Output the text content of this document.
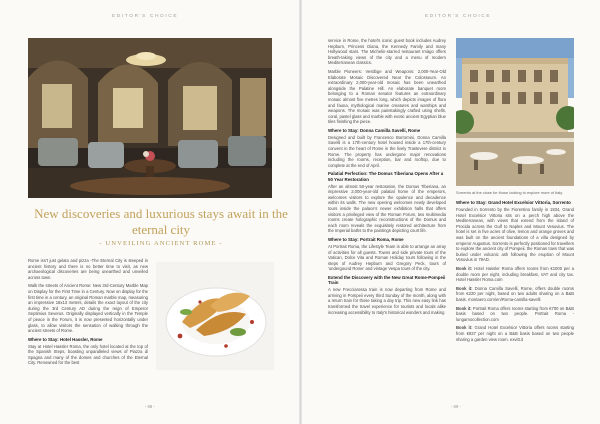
EDITOR'S CHOICE
New discoveries and luxurious stays await in the eternal city
- UNVEILING ANCIENT ROME -

Rome isn't just gelato and pizza -The Eternal City is steeped in ancient history and there is no better time to visit, as new archaeological discoveries are being unearthed and unveiled across town.

Walk the streets of Ancient Rome: New 3rd-Century Marble Map on Display for the First Time in a Century. Now on display for the first time in a century, an original Roman marble map, measuring an impressive 18x13 meters, details the exact layout of the city during the 3rd Century AD during the reign of Emperor Septimius Severus. Originally displayed vertically in the Temple of peace in the Forum, it is now presented horizontally under glass, to allow visitors the sensation of walking through the ancient streets of Rome.

Where to Stay: Hotel Hassler, Rome

Stay at Hotel Hassler Roma, the only hotel located at the top of the Spanish Steps, boasting unparalleled views of Piazza di Spagna and many of the domes and churches of the Eternal City. Renowned for the best

- 88 -
EDITOR'S CHOICE

service in Rome, the hotel's iconic guest book includes Audrey Hepburn, Princess Diana, the Kennedy Family and many Hollywood stars. The Michelin-starred restaurant Imàgo offers breath-taking views of the city and a menu of modern Mediterranean classics.

Marble Pioneers: Vestibge and Weapons: 2,000-Year-Old Elaborate Mosaic Discovered Near the Colosseum. An extraordinary 2,000-year-old mosaic has been unearthed alongside the Palatine Hill. An elaborate banquet room belonging to a Roman senator features an extraordinary mosaic almost five metres long, which depicts images of flora and fauna, mythological marine creatures and warships and weapons. The mosaic was painstakingly crafted using shells, coral, pastel glass and marble with exotic ancient Egyptian blue tiles finishing the piece.

Where to Stay: Donna Camilla Savelli, Rome

Designed and built by Francesco Borromini, Donna Camilla Savelli is a 17th-century hotel housed inside a 17th-century convent in the heart of Rome in the lively Trastevere district in Rome. The property has undergone major renovations including the rooms, reception, bar and rooftop, due to complete at the end of April.

Palatial Perfection: The Domus Tiberiana Opens After a 50 Year Restoration

After an almost 50-year restoration, the Domus Tiberiana, an impressive 2,000-year-old palatial home of the emperors, welcomes visitors to explore the opulence and decadence within its walls. The new opening welcomes newly developed tours inside the palace's newer exhibition halls that offers visitors a privileged view of the Roman Forum, two multimedia rooms create holographic reconstructions of the Domus and each room reveals the exquisitely restored architecture from the Imperial baths to the paintings depicting court life.

Where to Stay: Portrait Roma, Rome

At Portrait Roma, the Lifestyle Team is able to arrange an array of activities for all guests. Towns and side private tours of the Vatican, Dolce Vita and Roman Holiday tours following in the steps of Audrey Hepburn and Gregory Peck, tours of 'undergound Rome' and vintage Vespa tours of the city.

Extend the Discovery with the New Great Rome-Pompeii Train

A new Frecciarossa train is now departing from Rome and arriving in Pompeii every third Sunday of the month, along with a return train for those taking a day trip. This new easy link has transformed the travel experience for tourists and locals alike increasing accessibility to Italy's historical wonders and making

Sorrento at the close for those looking to explore more of Italy.
Where to Stay: Grand Hotel Excelsior Vittoria, Sorrento

Founded in Sorrento by the Fiorentino family in 1834, Grand Hotel Excelsior Vittoria sits on a perch high above the Mediterranean, with views that extend from the island of Procida across the Gulf to Naples and Mount Vesuvius. The hotel is set in five acres of olive, lemon and orange groves and was built on the ancient foundations of a villa designed by emperor Augustus. Sorrento is perfectly positioned for travellers to explore the ancient city of Pompeii, the Roman town that was buried under volcanic ash following the eruption of Mount Vesuvius in 79AD.

Book it: Hotel Hassler Roma offers rooms from €1000 per a double room per night, including breakfast, VAT and city tax. Hotel Hassler Roma.com

Book it: Donna Camilla Savelli, Rome, offers double rooms from €220 per night, based on two adults sharing on a B&B basis. montaero.com/en/Roma-camilla-savelli

Book it: Portrait Roma offers rooms starting from €700 on B&B basis based on two people. Portrait Roma - lungarnocollection.com

Book it: Grand Hotel Excelsior Vittoria offers rooms starting from €837 per night on a B&B basis based on two people sharing a garden view room. exvitt.it

- 89 -
